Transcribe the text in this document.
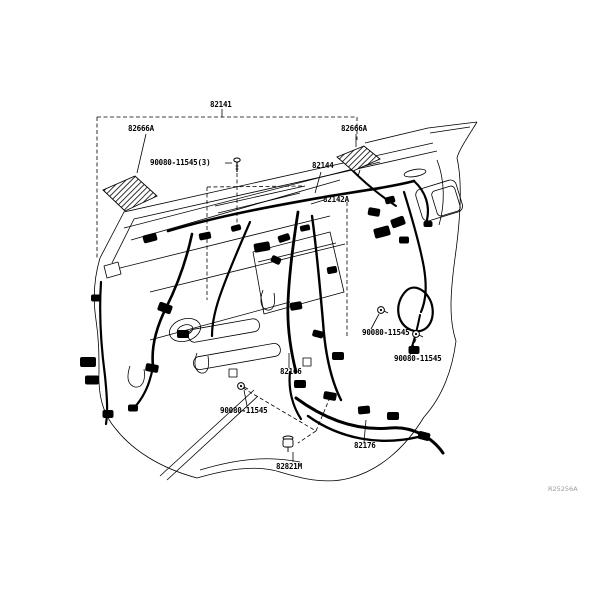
82141
82666A	82666A
90080-11545(3)	82144
82142A
90080-11545
90080-11545
82166
90080-11545
82176
82821M
R25256A
